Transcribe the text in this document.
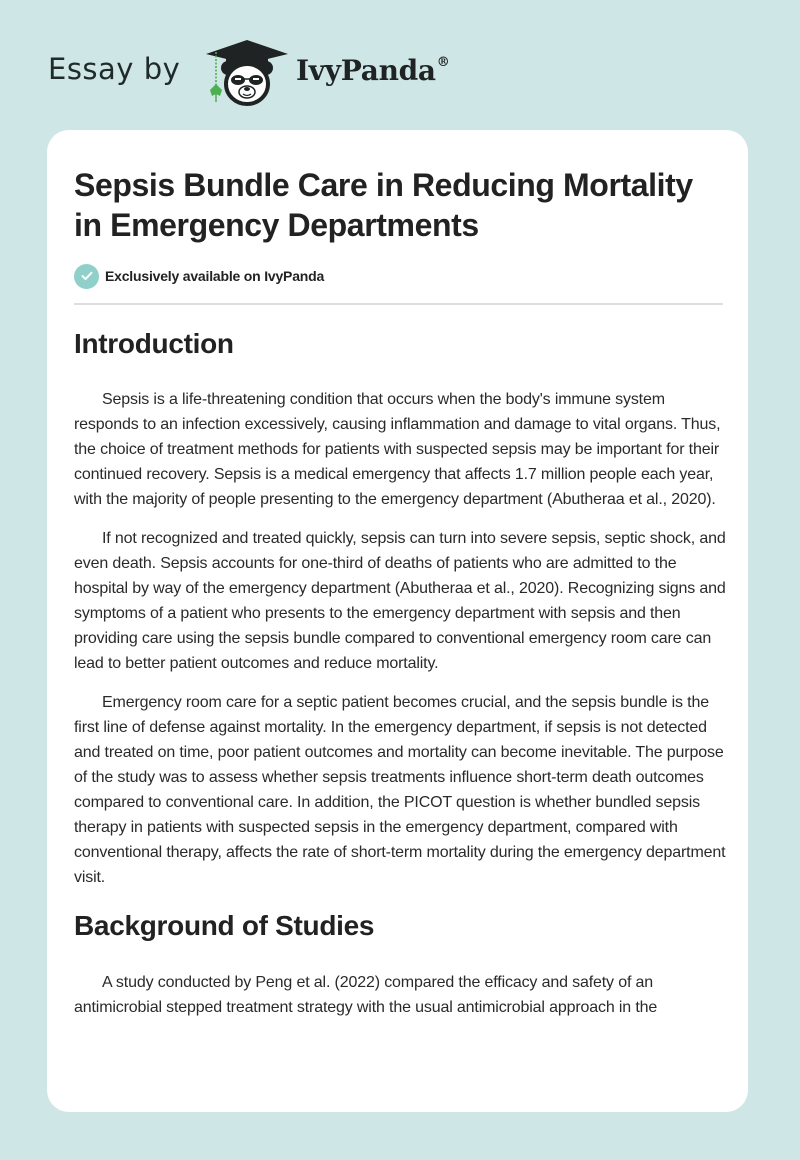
Essay by	IvyPanda®
Sepsis Bundle Care in Reducing Mortality in Emergency Departments
Exclusively available on IvyPanda
Introduction

Sepsis is a life-threatening condition that occurs when the body's immune system responds to an infection excessively, causing inflammation and damage to vital organs. Thus, the choice of treatment methods for patients with suspected sepsis may be important for their continued recovery. Sepsis is a medical emergency that affects 1.7 million people each year, with the majority of people presenting to the emergency department (Abutheraa et al., 2020).

If not recognized and treated quickly, sepsis can turn into severe sepsis, septic shock, and even death. Sepsis accounts for one-third of deaths of patients who are admitted to the hospital by way of the emergency department (Abutheraa et al., 2020). Recognizing signs and symptoms of a patient who presents to the emergency department with sepsis and then providing care using the sepsis bundle compared to conventional emergency room care can lead to better patient outcomes and reduce mortality.

Emergency room care for a septic patient becomes crucial, and the sepsis bundle is the first line of defense against mortality. In the emergency department, if sepsis is not detected and treated on time, poor patient outcomes and mortality can become inevitable. The purpose of the study was to assess whether sepsis treatments influence short-term death outcomes compared to conventional care. In addition, the PICOT question is whether bundled sepsis therapy in patients with suspected sepsis in the emergency department, compared with conventional therapy, affects the rate of short-term mortality during the emergency department visit.

Background of Studies

A study conducted by Peng et al. (2022) compared the efficacy and safety of an antimicrobial stepped treatment strategy with the usual antimicrobial approach in the
